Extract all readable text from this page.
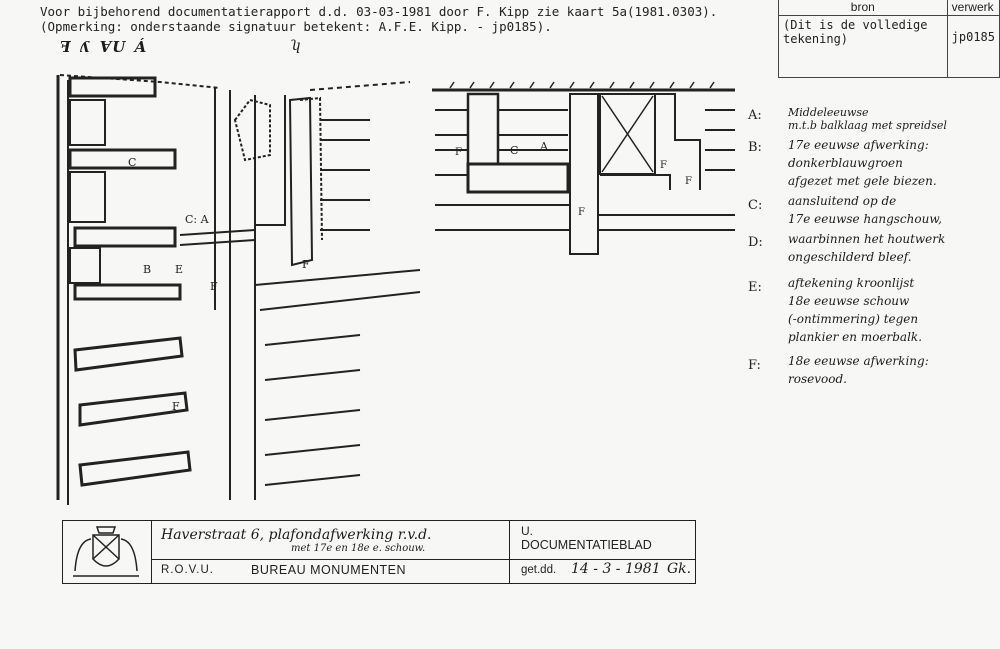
Voor bijbehorend documentatierapport d.d. 03-03-1981 door F. Kipp zie kaart 5a(1981.0303).
(Opmerking: onderstaande signatuur betekent: A.F.E. Kipp. - jp0185).
ꟻ ʎ ⱯU Á	ʮ
bron	verwerk
(Dit is de volledige tekening)	jp0185
C
C: A
B E
F
F
F
A
C
F
F
F
F
A: Middeleeuwse
m.t.b balklaag met spreidsel
B: 17e eeuwse afwerking:
donkerblauwgroen
afgezet met gele biezen.
C: aansluitend op de
17e eeuwse hangschouw,
D: waarbinnen het houtwerk
ongeschilderd bleef.
E: aftekening kroonlijst
18e eeuwse schouw
(-ontimmering) tegen
plankier en moerbalk.
F: 18e eeuwse afwerking:
rosevood.
Haverstraat 6, plafondafwerking r.v.d.
met 17e en 18e e. schouw.
R.O.V.U.	BUREAU MONUMENTEN
U.
DOCUMENTATIEBLAD
get.dd. 14 - 3 - 1981 Gk.
